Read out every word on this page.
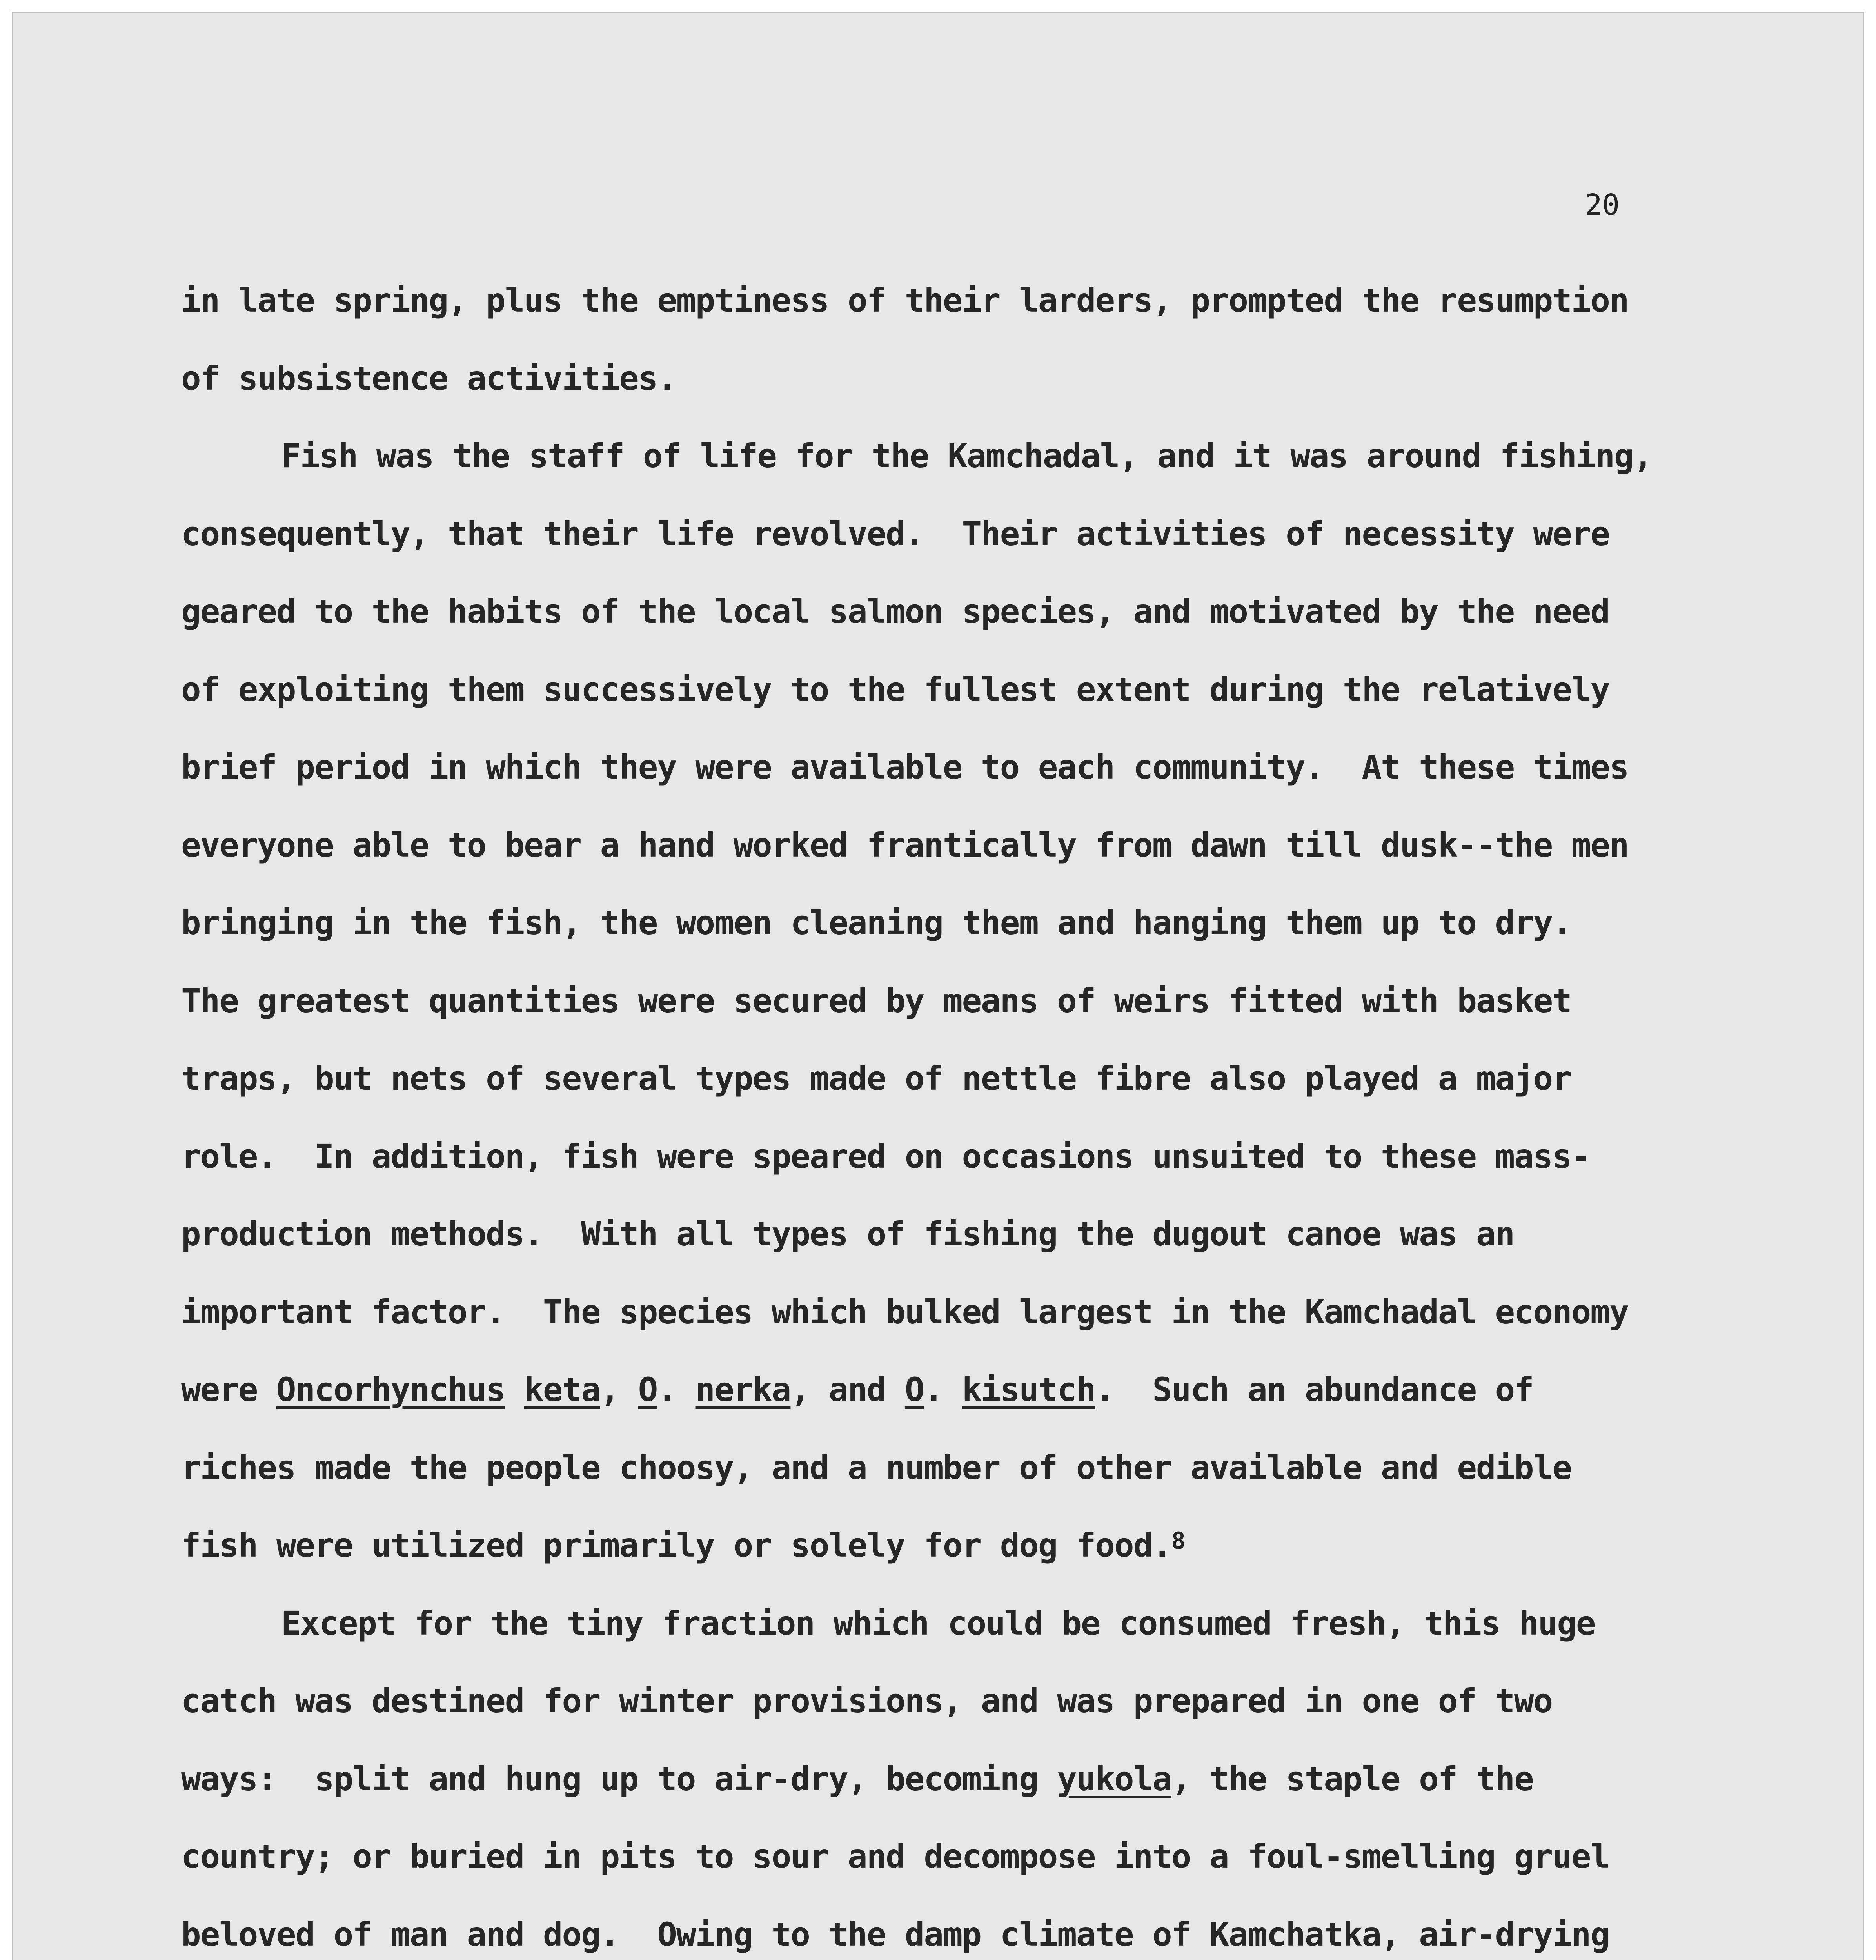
20
in late spring, plus the emptiness of their larders, prompted the resumption
of subsistence activities.
Fish was the staff of life for the Kamchadal, and it was around fishing,
consequently, that their life revolved.  Their activities of necessity were
geared to the habits of the local salmon species, and motivated by the need
of exploiting them successively to the fullest extent during the relatively
brief period in which they were available to each community.  At these times
everyone able to bear a hand worked frantically from dawn till dusk--the men
bringing in the fish, the women cleaning them and hanging them up to dry.
The greatest quantities were secured by means of weirs fitted with basket
traps, but nets of several types made of nettle fibre also played a major
role.  In addition, fish were speared on occasions unsuited to these mass-
production methods.  With all types of fishing the dugout canoe was an
important factor.  The species which bulked largest in the Kamchadal economy
were Oncorhynchus keta, O. nerka, and O. kisutch.  Such an abundance of
riches made the people choosy, and a number of other available and edible
fish were utilized primarily or solely for dog food.$^8$
Except for the tiny fraction which could be consumed fresh, this huge
catch was destined for winter provisions, and was prepared in one of two
ways:  split and hung up to air-dry, becoming yukola, the staple of the
country; or buried in pits to sour and decompose into a foul-smelling gruel
beloved of man and dog.  Owing to the damp climate of Kamchatka, air-drying
